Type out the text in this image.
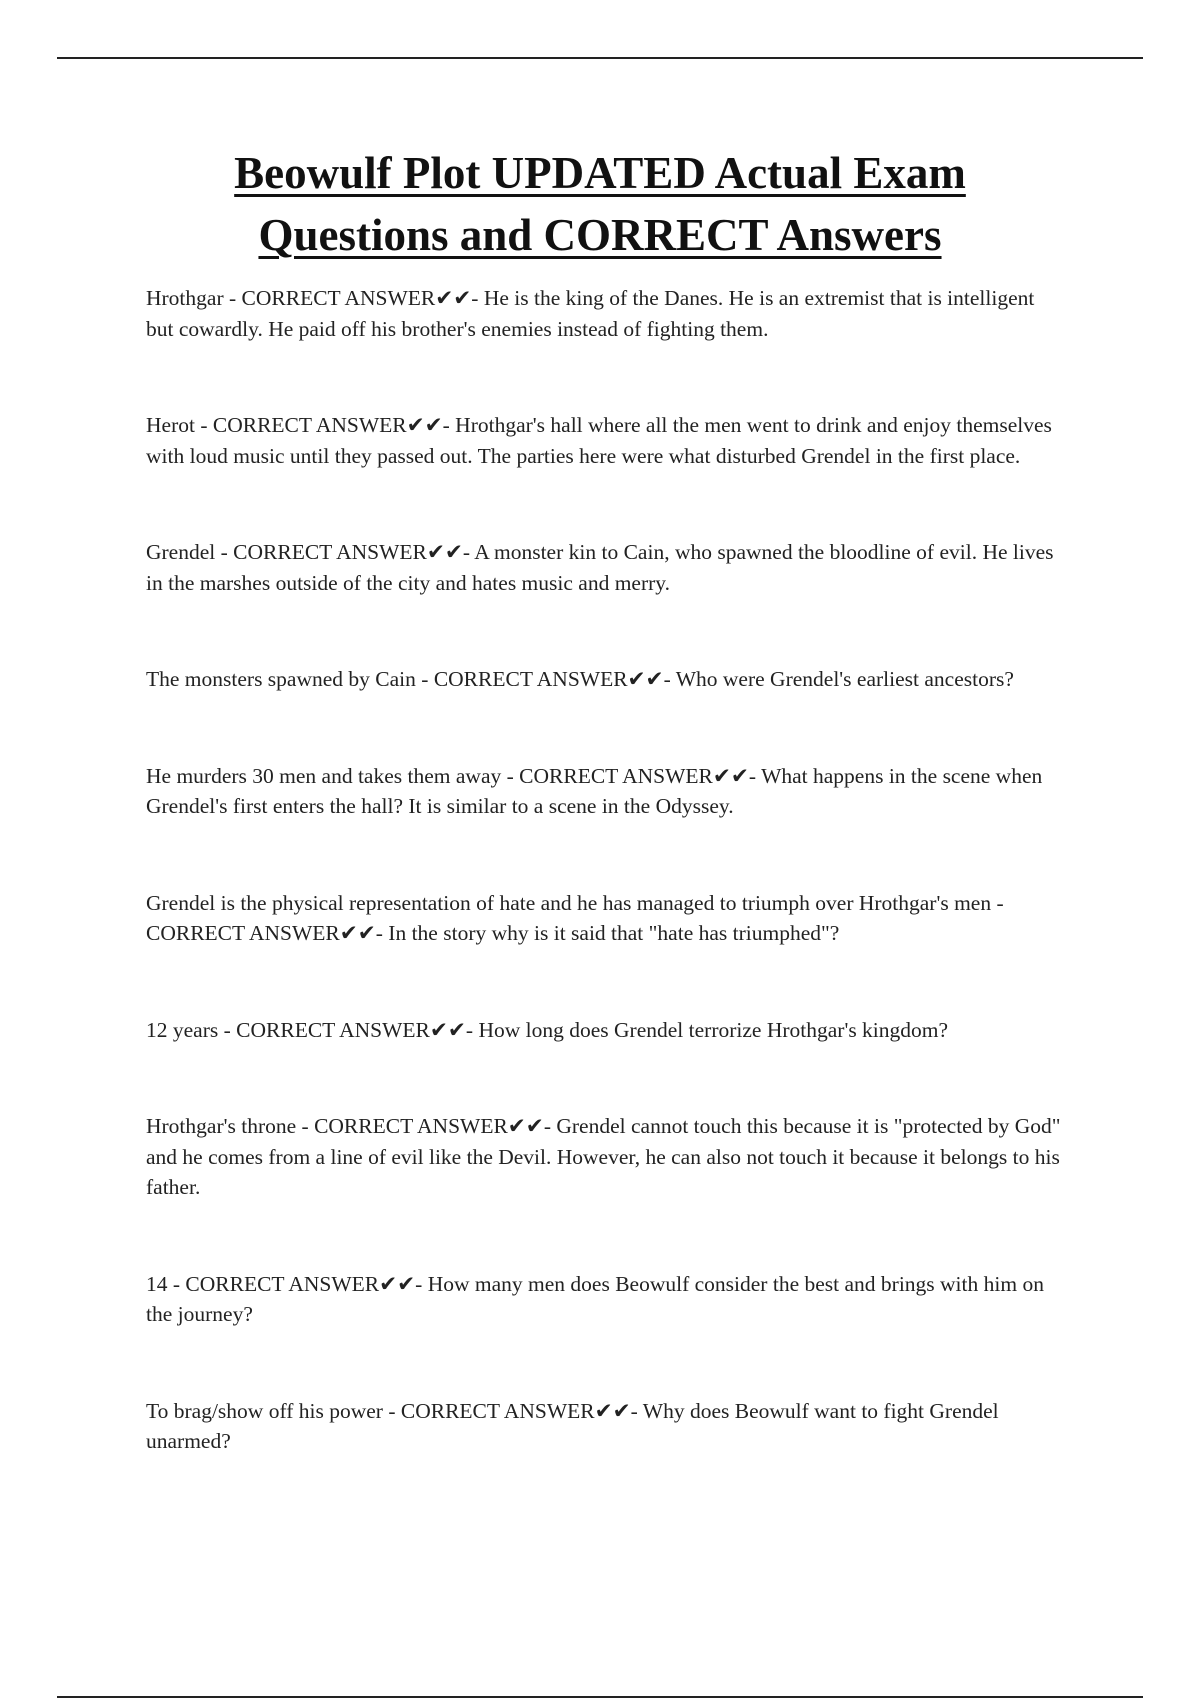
Beowulf Plot UPDATED Actual Exam
Questions and CORRECT Answers
Hrothgar - CORRECT ANSWER✔✔- He is the king of the Danes. He is an extremist that is intelligent but cowardly. He paid off his brother's enemies instead of fighting them.
Herot - CORRECT ANSWER✔✔- Hrothgar's hall where all the men went to drink and enjoy themselves with loud music until they passed out. The parties here were what disturbed Grendel in the first place.
Grendel - CORRECT ANSWER✔✔- A monster kin to Cain, who spawned the bloodline of evil. He lives in the marshes outside of the city and hates music and merry.
The monsters spawned by Cain - CORRECT ANSWER✔✔- Who were Grendel's earliest ancestors?
He murders 30 men and takes them away - CORRECT ANSWER✔✔- What happens in the scene when Grendel's first enters the hall? It is similar to a scene in the Odyssey.
Grendel is the physical representation of hate and he has managed to triumph over Hrothgar's men - CORRECT ANSWER✔✔- In the story why is it said that "hate has triumphed"?
12 years - CORRECT ANSWER✔✔- How long does Grendel terrorize Hrothgar's kingdom?
Hrothgar's throne - CORRECT ANSWER✔✔- Grendel cannot touch this because it is "protected by God" and he comes from a line of evil like the Devil. However, he can also not touch it because it belongs to his father.
14 - CORRECT ANSWER✔✔- How many men does Beowulf consider the best and brings with him on the journey?
To brag/show off his power - CORRECT ANSWER✔✔- Why does Beowulf want to fight Grendel unarmed?
